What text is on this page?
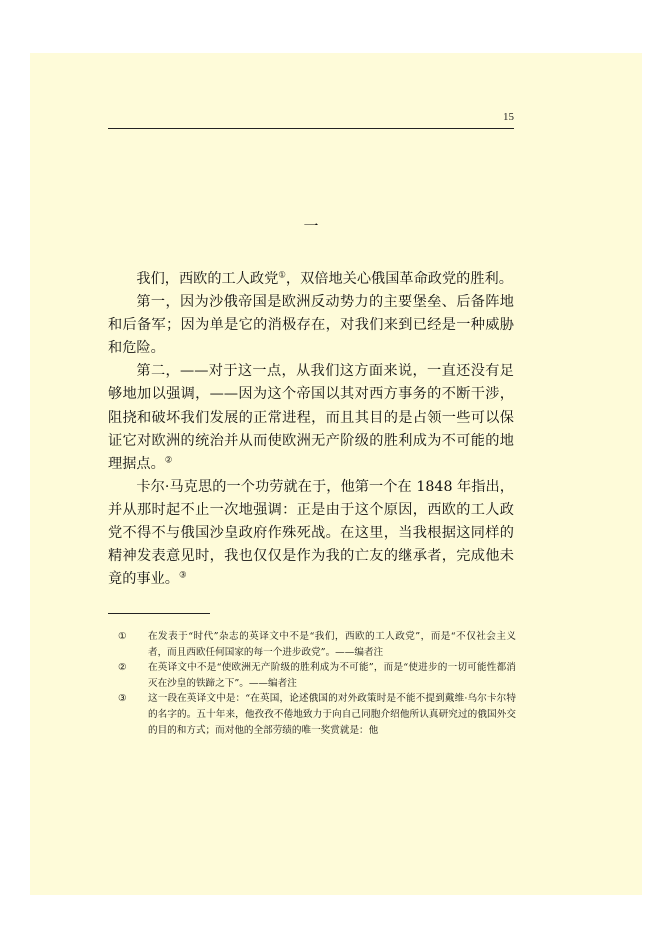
15
一

我们，西欧的工人政党①，双倍地关心俄国革命政党的胜利。

第一，因为沙俄帝国是欧洲反动势力的主要堡垒、后备阵地和后备军；因为单是它的消极存在，对我们来到已经是一种威胁和危险。

第二，——对于这一点，从我们这方面来说，一直还没有足够地加以强调，——因为这个帝国以其对西方事务的不断干涉，阻挠和破坏我们发展的正常进程，而且其目的是占领一些可以保证它对欧洲的统治并从而使欧洲无产阶级的胜利成为不可能的地理据点。②

卡尔·马克思的一个功劳就在于，他第一个在 1848 年指出，并从那时起不止一次地强调：正是由于这个原因，西欧的工人政党不得不与俄国沙皇政府作殊死战。在这里，当我根据这同样的精神发表意见时，我也仅仅是作为我的亡友的继承者，完成他未竟的事业。③

① 在发表于“时代”杂志的英译文中不是“我们，西欧的工人政党”，而是“不仅社会主义者，而且西欧任何国家的每一个进步政党”。——编者注

② 在英译文中不是“使欧洲无产阶级的胜利成为不可能”，而是“使进步的一切可能性都消灭在沙皇的铁蹄之下”。——编者注

③ 这一段在英译文中是：“在英国，论述俄国的对外政策时是不能不提到戴维·乌尔卡尔特的名字的。五十年来，他孜孜不倦地致力于向自己同胞介绍他所认真研究过的俄国外交的目的和方式；而对他的全部劳绩的唯一奖赏就是：他
